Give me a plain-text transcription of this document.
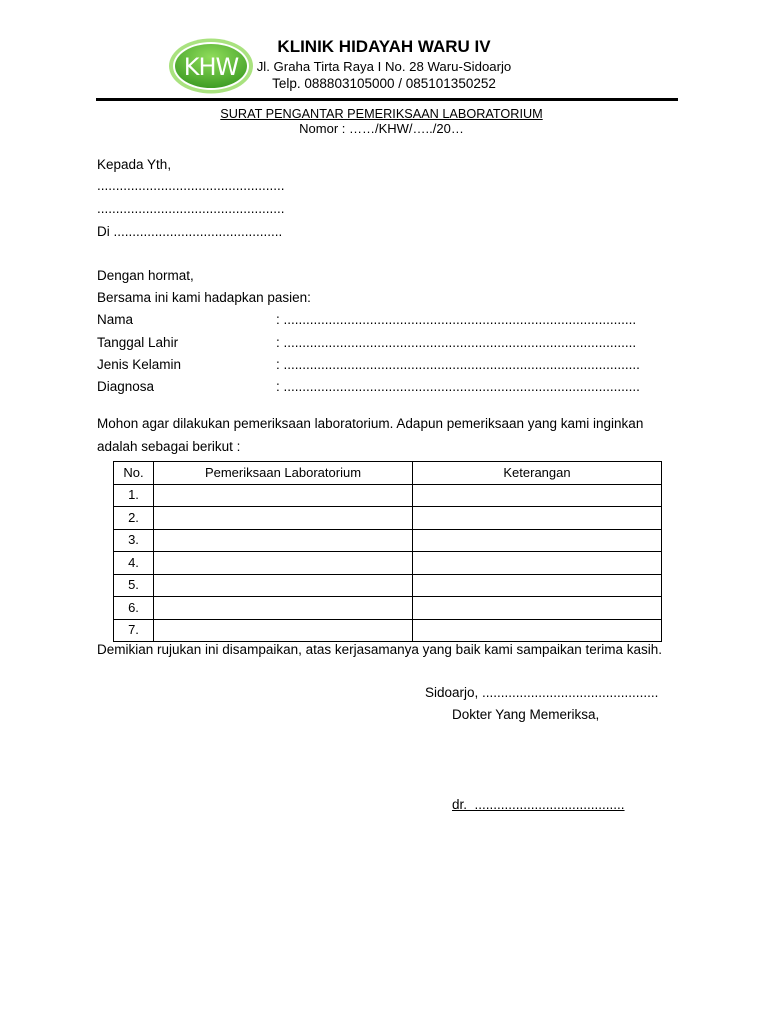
KHW
KLINIK HIDAYAH WARU IV
Jl. Graha Tirta Raya I No. 28 Waru-Sidoarjo
Telp. 088803105000 / 085101350252
SURAT PENGANTAR PEMERIKSAAN LABORATORIUM
Nomor : ……/KHW/…../20…
Kepada Yth,
..................................................
..................................................
Di .............................................
Dengan hormat,
Bersama ini kami hadapkan pasien:
Nama	: ..............................................................................................
Tanggal Lahir	: ..............................................................................................
Jenis Kelamin	: ...............................................................................................
Diagnosa	: ...............................................................................................
Mohon agar dilakukan pemeriksaan laboratorium. Adapun pemeriksaan yang kami inginkan
adalah sebagai berikut :
No.	Pemeriksaan Laboratorium	Keterangan
1.		
2.		
3.		
4.		
5.		
6.		
7.		
Demikian rujukan ini disampaikan, atas kerjasamanya yang baik kami sampaikan terima kasih.
Sidoarjo, ...............................................
Dokter Yang Memeriksa,
dr.  ........................................
